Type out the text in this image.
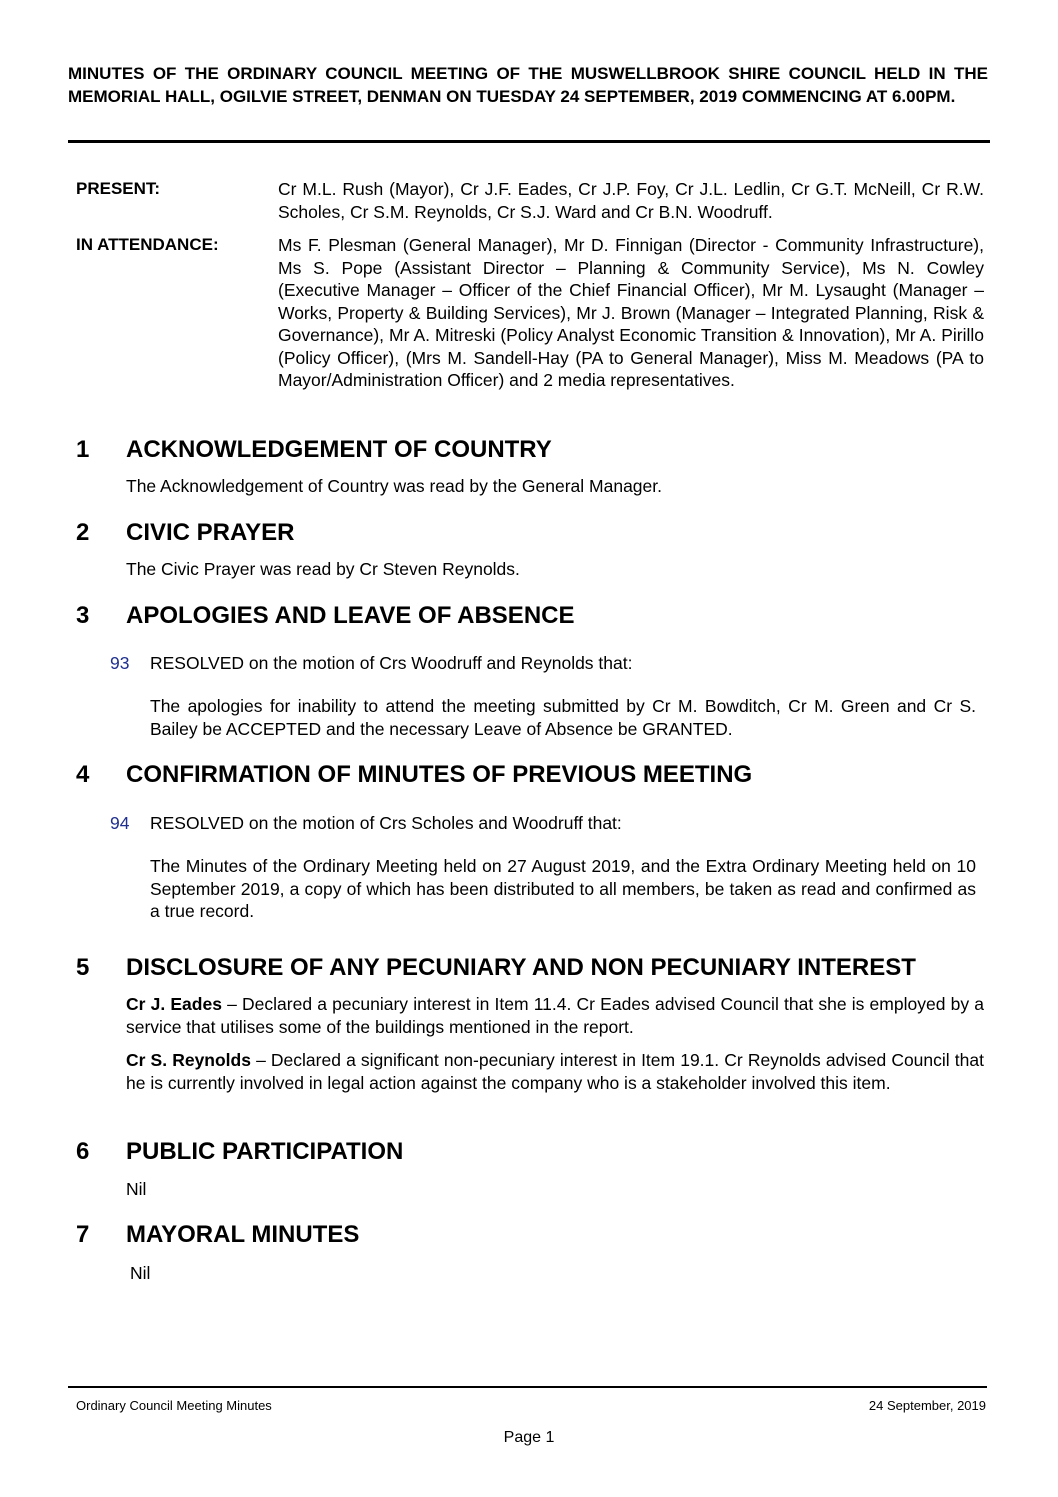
MINUTES OF THE ORDINARY COUNCIL MEETING OF THE MUSWELLBROOK SHIRE COUNCIL HELD IN THE MEMORIAL HALL, OGILVIE STREET, DENMAN ON TUESDAY 24 SEPTEMBER, 2019 COMMENCING AT 6.00PM.
PRESENT:	Cr M.L. Rush (Mayor), Cr J.F. Eades, Cr J.P. Foy, Cr J.L. Ledlin, Cr G.T. McNeill, Cr R.W. Scholes, Cr S.M. Reynolds, Cr S.J. Ward and Cr B.N. Woodruff.
IN ATTENDANCE:	Ms F. Plesman (General Manager), Mr D. Finnigan (Director - Community Infrastructure), Ms S. Pope (Assistant Director – Planning & Community Service), Ms N. Cowley (Executive Manager – Officer of the Chief Financial Officer), Mr M. Lysaught (Manager – Works, Property & Building Services), Mr J. Brown (Manager – Integrated Planning, Risk & Governance), Mr A. Mitreski (Policy Analyst Economic Transition & Innovation), Mr A. Pirillo (Policy Officer), (Mrs M. Sandell-Hay (PA to General Manager), Miss M. Meadows (PA to Mayor/Administration Officer) and 2 media representatives.
1 ACKNOWLEDGEMENT OF COUNTRY
The Acknowledgement of Country was read by the General Manager.
2 CIVIC PRAYER
The Civic Prayer was read by Cr Steven Reynolds.
3 APOLOGIES AND LEAVE OF ABSENCE
93 RESOLVED on the motion of Crs Woodruff and Reynolds that:
The apologies for inability to attend the meeting submitted by Cr M. Bowditch, Cr M. Green and Cr S. Bailey be ACCEPTED and the necessary Leave of Absence be GRANTED.
4 CONFIRMATION OF MINUTES OF PREVIOUS MEETING
94 RESOLVED on the motion of Crs Scholes and Woodruff that:
The Minutes of the Ordinary Meeting held on 27 August 2019, and the Extra Ordinary Meeting held on 10 September 2019, a copy of which has been distributed to all members, be taken as read and confirmed as a true record.
5 DISCLOSURE OF ANY PECUNIARY AND NON PECUNIARY INTEREST
Cr J. Eades – Declared a pecuniary interest in Item 11.4. Cr Eades advised Council that she is employed by a service that utilises some of the buildings mentioned in the report.
Cr S. Reynolds – Declared a significant non-pecuniary interest in Item 19.1. Cr Reynolds advised Council that he is currently involved in legal action against the company who is a stakeholder involved this item.
6 PUBLIC PARTICIPATION
Nil
7 MAYORAL MINUTES
Nil
Ordinary Council Meeting Minutes	24 September, 2019
Page 1
